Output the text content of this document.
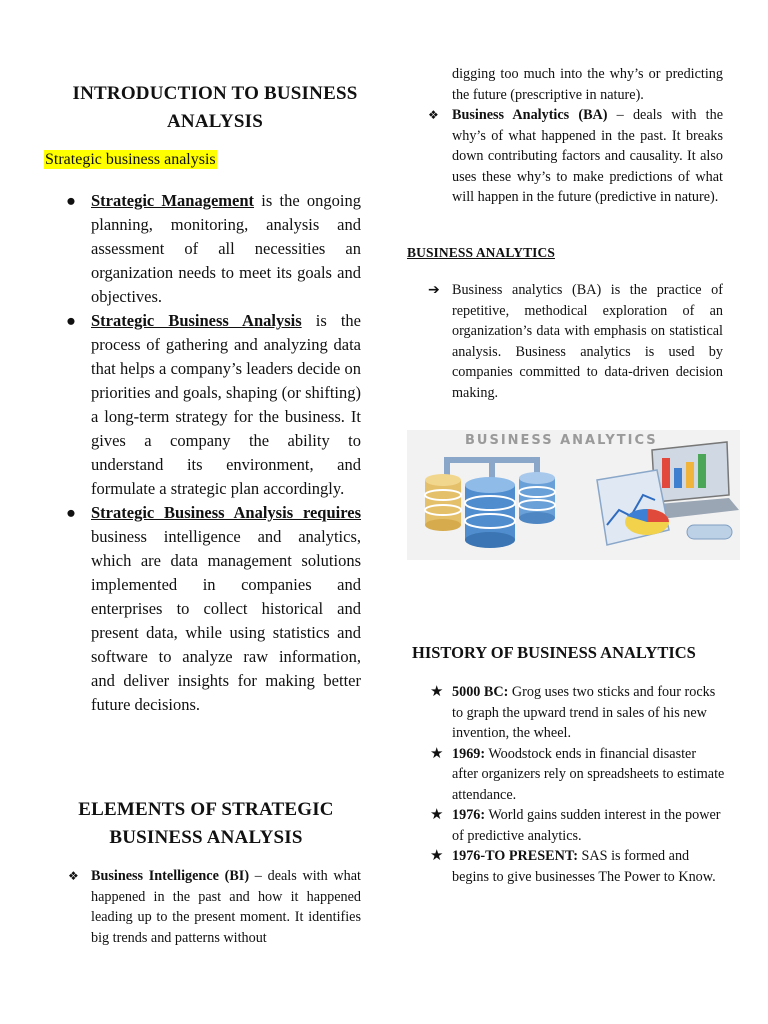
INTRODUCTION TO BUSINESS
ANALYSIS
Strategic business analysis
● Strategic Management is the ongoing planning, monitoring, analysis and assessment of all necessities an organization needs to meet its goals and objectives.
● Strategic Business Analysis is the process of gathering and analyzing data that helps a company’s leaders decide on priorities and goals, shaping (or shifting) a long-term strategy for the business. It gives a company the ability to understand its environment, and formulate a strategic plan accordingly.
● Strategic Business Analysis requires business intelligence and analytics, which are data management solutions implemented in companies and enterprises to collect historical and present data, while using statistics and software to analyze raw information, and deliver insights for making better future decisions.
ELEMENTS OF STRATEGIC
BUSINESS ANALYSIS
❖ Business Intelligence (BI) – deals with what happened in the past and how it happened leading up to the present moment. It identifies big trends and patterns without
digging too much into the why’s or predicting the future (prescriptive in nature).
❖ Business Analytics (BA) – deals with the why’s of what happened in the past. It breaks down contributing factors and causality. It also uses these why’s to make predictions of what will happen in the future (predictive in nature).
BUSINESS ANALYTICS
➔ Business analytics (BA) is the practice of repetitive, methodical exploration of an organization’s data with emphasis on statistical analysis. Business analytics is used by companies committed to data-driven decision making.
BUSINESS ANALYTICS
HISTORY OF BUSINESS ANALYTICS
★ 5000 BC: Grog uses two sticks and four rocks to graph the upward trend in sales of his new invention, the wheel.
★ 1969: Woodstock ends in financial disaster after organizers rely on spreadsheets to estimate attendance.
★ 1976: World gains sudden interest in the power of predictive analytics.
★ 1976-TO PRESENT: SAS is formed and begins to give businesses The Power to Know.
